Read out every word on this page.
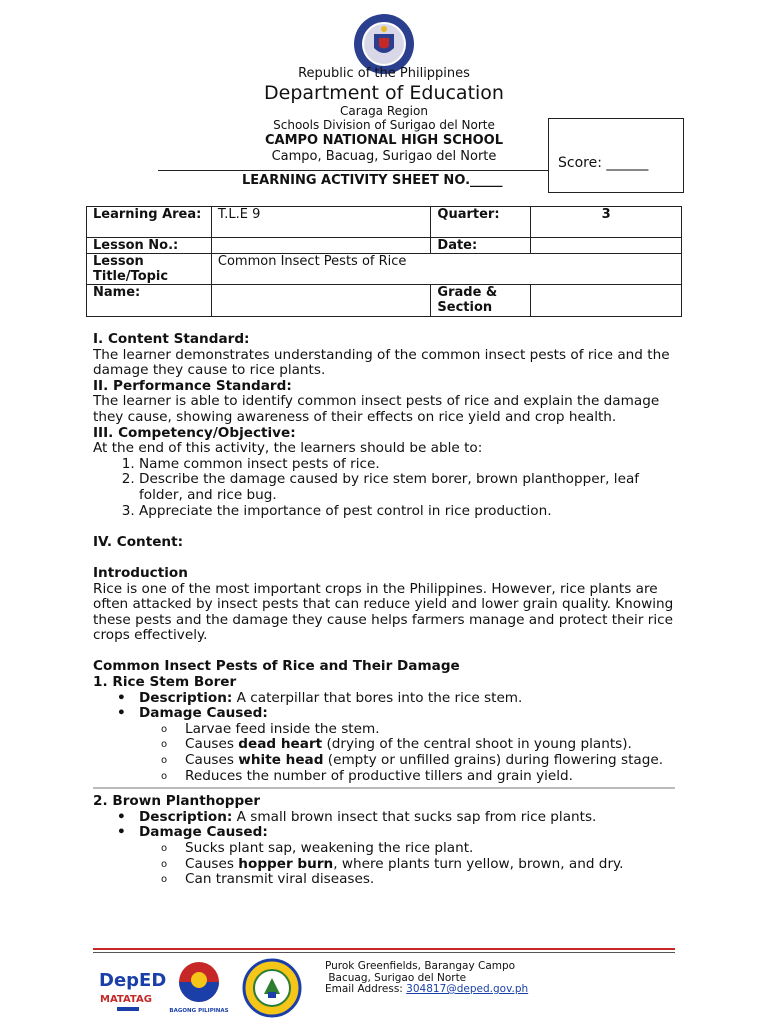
Republic of the Philippines
Department of Education
Caraga Region
Schools Division of Surigao del Norte
CAMPO NATIONAL HIGH SCHOOL
Campo, Bacuag, Surigao del Norte
LEARNING ACTIVITY SHEET NO._____
Score: ______
Learning Area:	T.L.E 9	Quarter:	3
Lesson No.:		Date:	
Lesson Title/Topic	Common Insect Pests of Rice		
Name:		Grade & Section	

I. Content Standard:

The learner demonstrates understanding of the common insect pests of rice and the damage they cause to rice plants.

II. Performance Standard:

The learner is able to identify common insect pests of rice and explain the damage they cause, showing awareness of their effects on rice yield and crop health.

III. Competency/Objective:

At the end of this activity, the learners should be able to:

1. Name common insect pests of rice.
2. Describe the damage caused by rice stem borer, brown planthopper, leaf folder, and rice bug.
3. Appreciate the importance of pest control in rice production.

IV. Content:

Introduction

Rice is one of the most important crops in the Philippines. However, rice plants are often attacked by insect pests that can reduce yield and lower grain quality. Knowing these pests and the damage they cause helps farmers manage and protect their rice crops effectively.

Common Insect Pests of Rice and Their Damage

1. Rice Stem Borer

• Description: A caterpillar that bores into the rice stem.
• Damage Caused:
o Larvae feed inside the stem.
o Causes dead heart (drying of the central shoot in young plants).
o Causes white head (empty or unfilled grains) during flowering stage.
o Reduces the number of productive tillers and grain yield.

2. Brown Planthopper

• Description: A small brown insect that sucks sap from rice plants.
• Damage Caused:
o Sucks plant sap, weakening the rice plant.
o Causes hopper burn, where plants turn yellow, brown, and dry.
o Can transmit viral diseases.
DepED
MATATAG
BAGONG PILIPINAS
Purok Greenfields, Barangay Campo
Bacuag, Surigao del Norte
Email Address: 304817@deped.gov.ph
